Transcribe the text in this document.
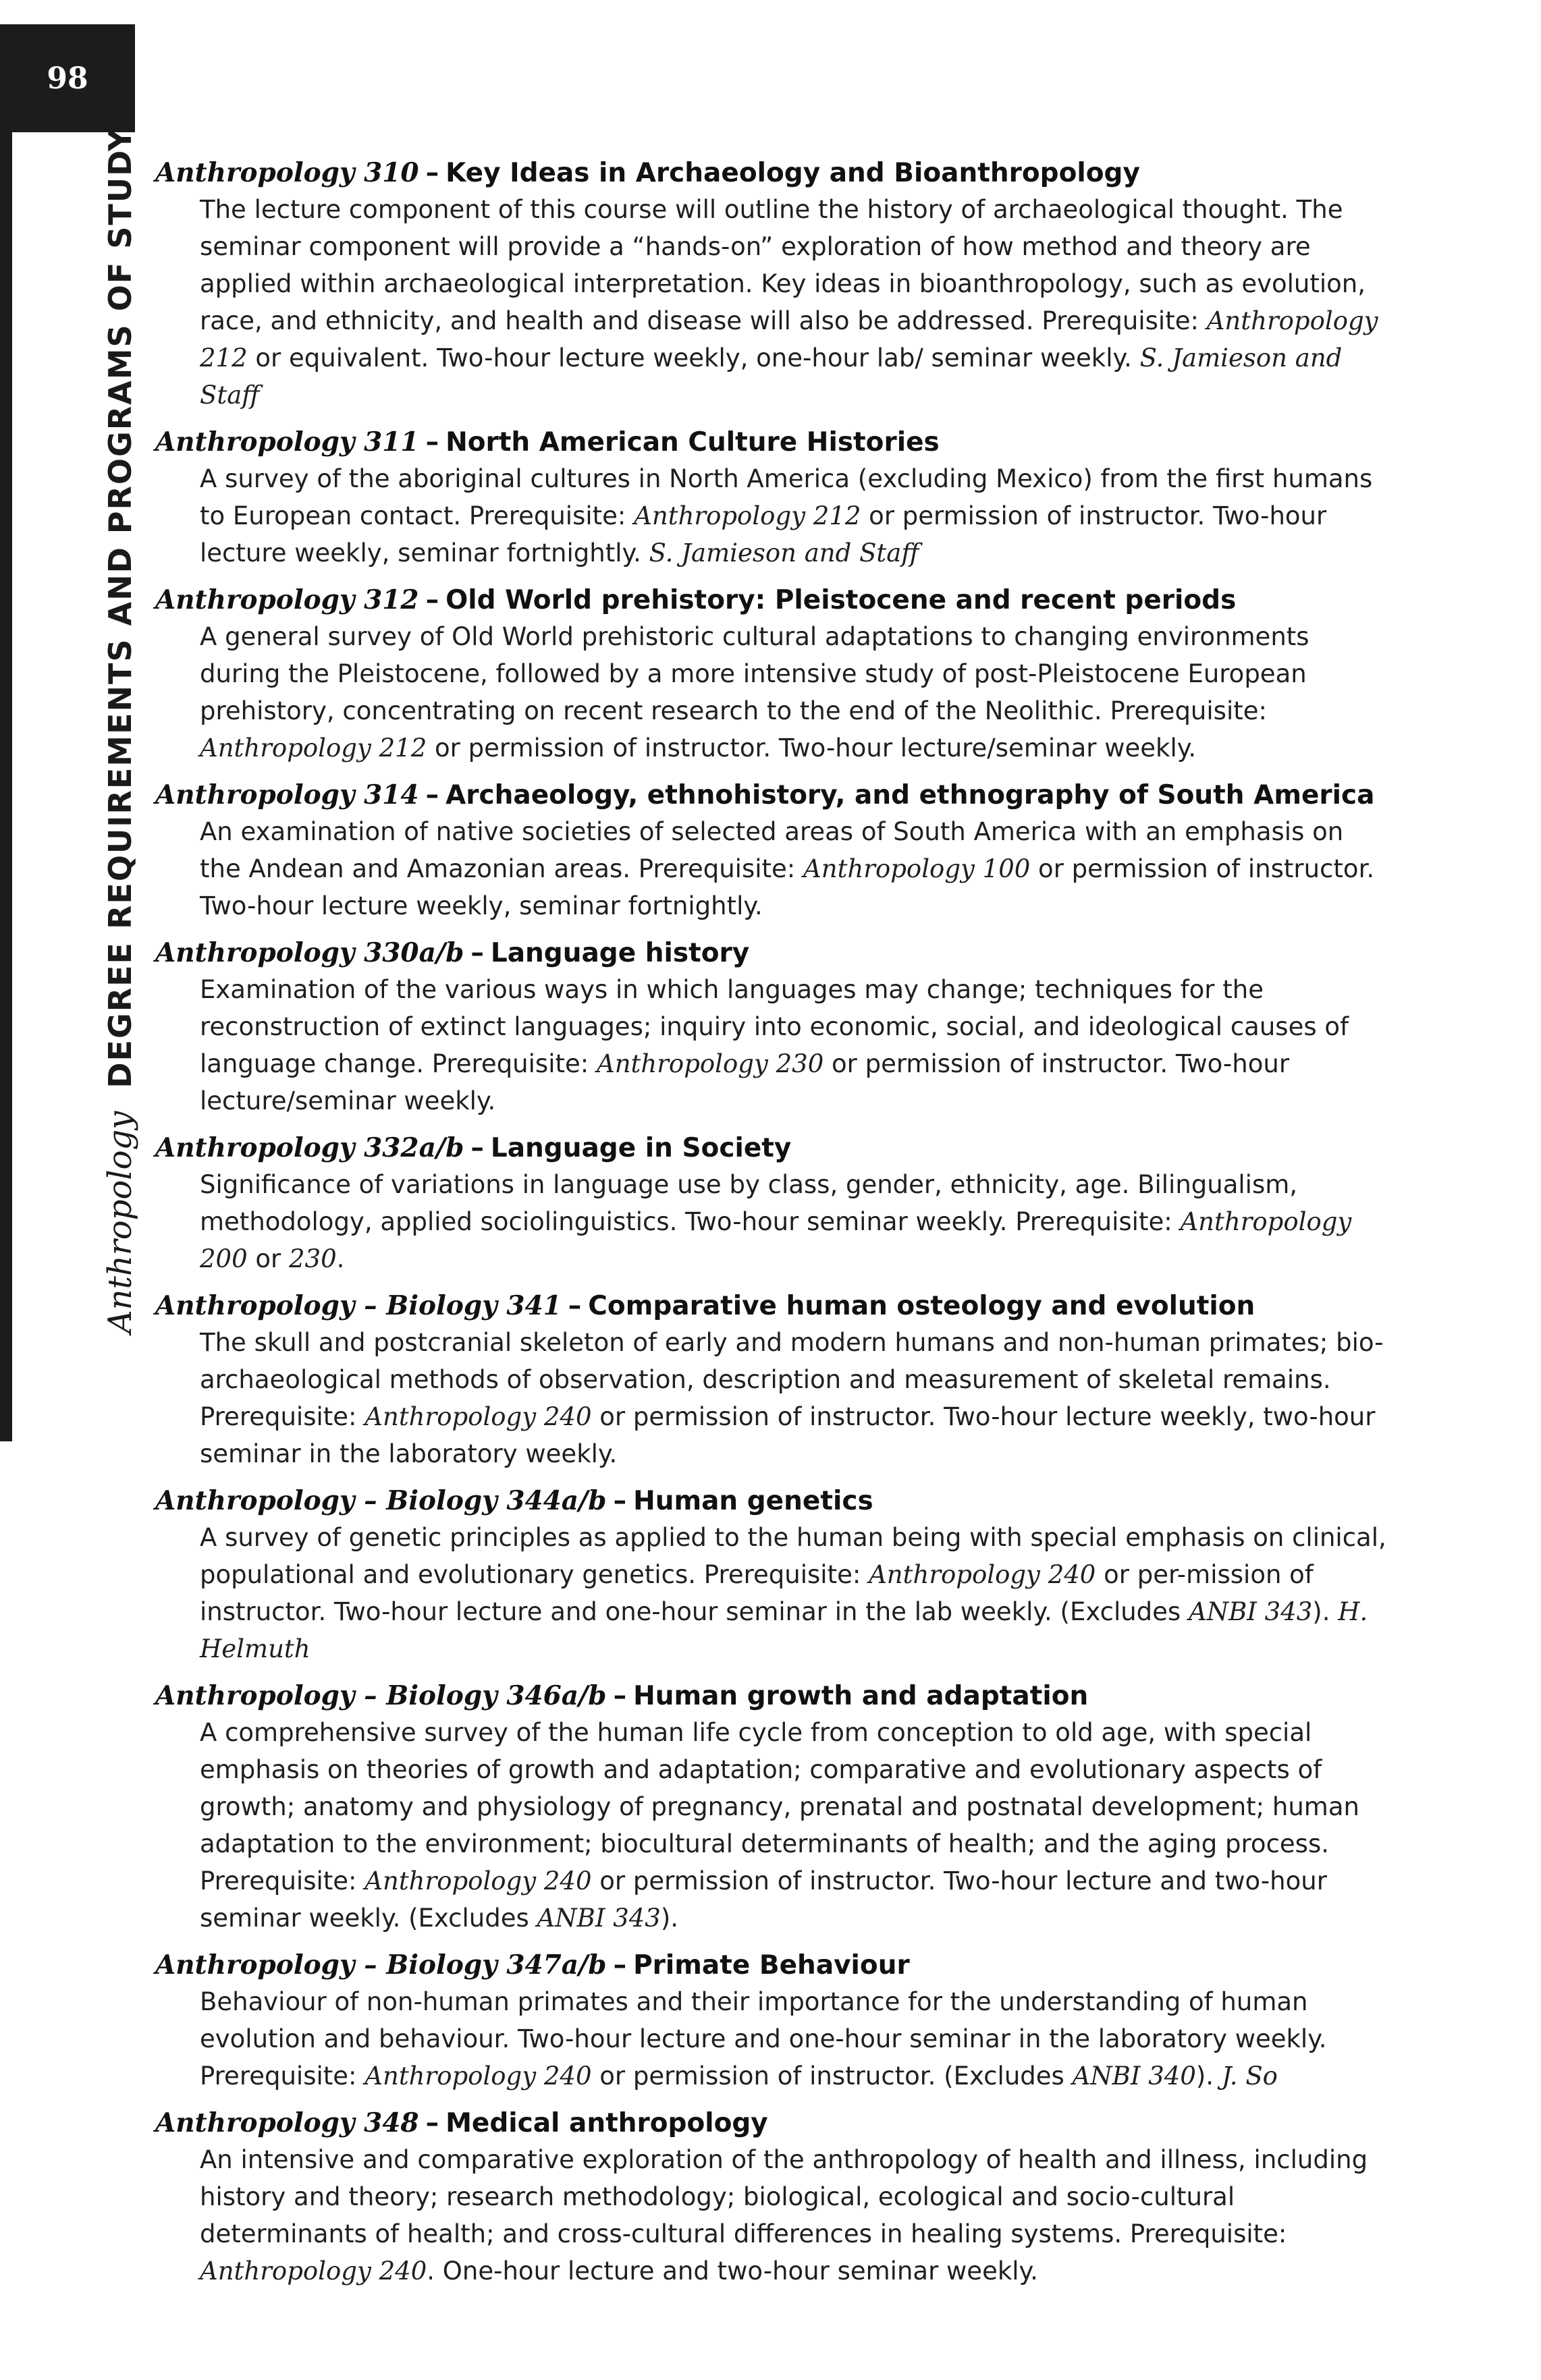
98
Anthropology
DEGREE REQUIREMENTS AND PROGRAMS OF STUDY Anthropology 310 – Key Ideas in Archaeology and Bioanthropology
The lecture component of this course will outline the history of archaeological thought. The seminar component will provide a “hands-on” exploration of how method and theory are applied within archaeological interpretation. Key ideas in bioanthropology, such as evolution, race, and ethnicity, and health and disease will also be addressed. Prerequisite: Anthropology 212 or equivalent. Two-hour lecture weekly, one-hour lab/ seminar weekly. S. Jamieson and Staff
Anthropology 311 – North American Culture Histories
A survey of the aboriginal cultures in North America (excluding Mexico) from the first humans to European contact. Prerequisite: Anthropology 212 or permission of instructor. Two-hour lecture weekly, seminar fortnightly. S. Jamieson and Staff
Anthropology 312 – Old World prehistory: Pleistocene and recent periods
A general survey of Old World prehistoric cultural adaptations to changing environments during the Pleistocene, followed by a more intensive study of post-Pleistocene European prehistory, concentrating on recent research to the end of the Neolithic. Prerequisite: Anthropology 212 or permission of instructor. Two-hour lecture/seminar weekly.
Anthropology 314 – Archaeology, ethnohistory, and ethnography of South America
An examination of native societies of selected areas of South America with an emphasis on the Andean and Amazonian areas. Prerequisite: Anthropology 100 or permission of instructor. Two-hour lecture weekly, seminar fortnightly.
Anthropology 330a/b – Language history
Examination of the various ways in which languages may change; techniques for the reconstruction of extinct languages; inquiry into economic, social, and ideological causes of language change. Prerequisite: Anthropology 230 or permission of instructor. Two-hour lecture/seminar weekly.
Anthropology 332a/b – Language in Society
Significance of variations in language use by class, gender, ethnicity, age. Bilingualism, methodology, applied sociolinguistics. Two-hour seminar weekly. Prerequisite: Anthropology 200 or 230.
Anthropology – Biology 341 – Comparative human osteology and evolution
The skull and postcranial skeleton of early and modern humans and non-human primates; bio-archaeological methods of observation, description and measurement of skeletal remains. Prerequisite: Anthropology 240 or permission of instructor. Two-hour lecture weekly, two-hour seminar in the laboratory weekly.
Anthropology – Biology 344a/b – Human genetics
A survey of genetic principles as applied to the human being with special emphasis on clinical, populational and evolutionary genetics. Prerequisite: Anthropology 240 or per-mission of instructor. Two-hour lecture and one-hour seminar in the lab weekly. (Excludes ANBI 343). H. Helmuth
Anthropology – Biology 346a/b – Human growth and adaptation
A comprehensive survey of the human life cycle from conception to old age, with special emphasis on theories of growth and adaptation; comparative and evolutionary aspects of growth; anatomy and physiology of pregnancy, prenatal and postnatal development; human adaptation to the environment; biocultural determinants of health; and the aging process. Prerequisite: Anthropology 240 or permission of instructor. Two-hour lecture and two-hour seminar weekly. (Excludes ANBI 343).
Anthropology – Biology 347a/b – Primate Behaviour
Behaviour of non-human primates and their importance for the understanding of human evolution and behaviour. Two-hour lecture and one-hour seminar in the laboratory weekly. Prerequisite: Anthropology 240 or permission of instructor. (Excludes ANBI 340). J. So
Anthropology 348 – Medical anthropology
An intensive and comparative exploration of the anthropology of health and illness, including history and theory; research methodology; biological, ecological and socio-cultural determinants of health; and cross-cultural differences in healing systems. Prerequisite: Anthropology 240. One-hour lecture and two-hour seminar weekly.
